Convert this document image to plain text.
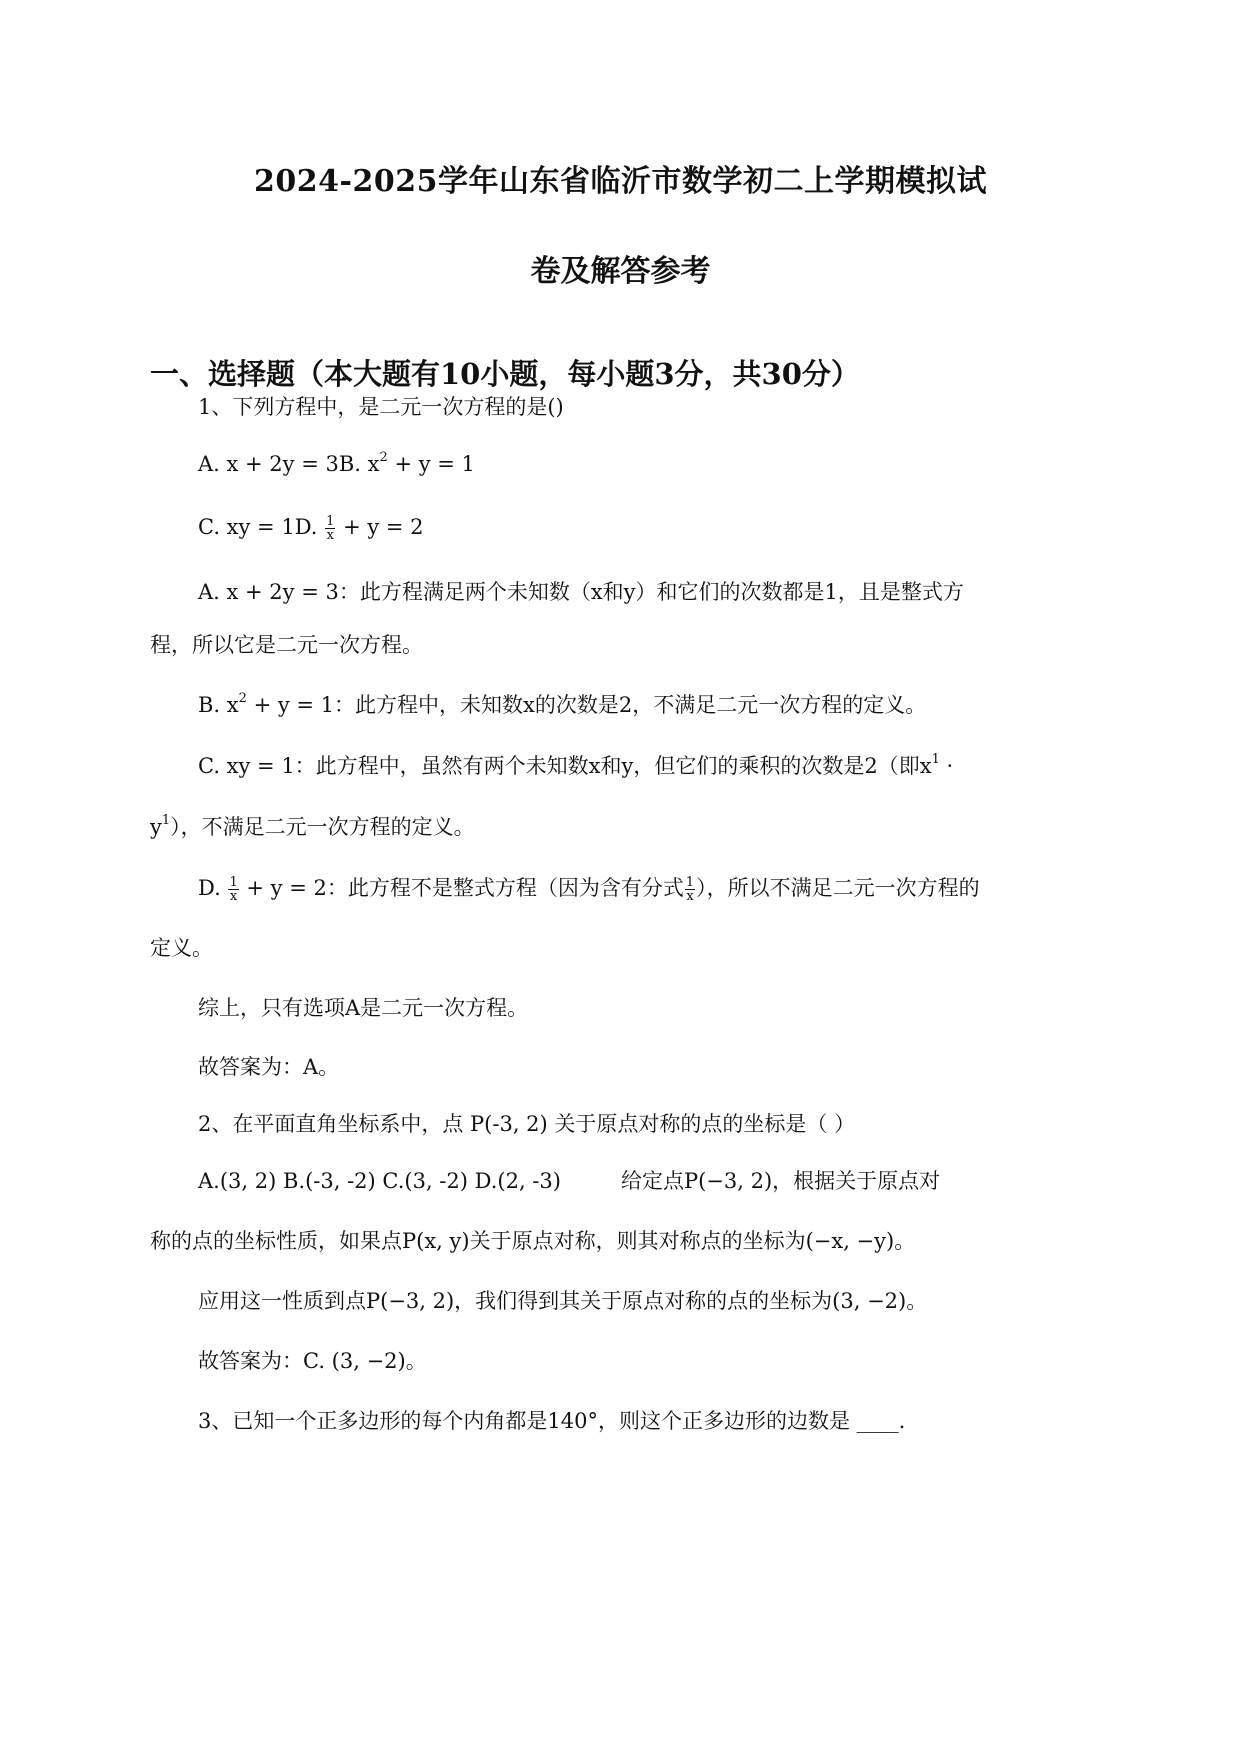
2024-2025学年山东省临沂市数学初二上学期模拟试
卷及解答参考
一、选择题（本大题有10小题，每小题3分，共30分）
1、下列方程中，是二元一次方程的是()
A. x + 2y = 3B. $x^2 + y = 1$
C. xy = 1D. $\frac{1}{x} + y = 2$
A. x + 2y = 3：此方程满足两个未知数（x和y）和它们的次数都是1，且是整式方
程，所以它是二元一次方程。
B. $x^2 + y = 1$：此方程中，未知数x的次数是2，不满足二元一次方程的定义。
C. xy = 1：此方程中，虽然有两个未知数x和y，但它们的乘积的次数是2（即$x^1$ ·
$y^1$），不满足二元一次方程的定义。
D. $\frac{1}{x} + y = 2$：此方程不是整式方程（因为含有分式 $\frac{1}{x}$ ），所以不满足二元一次方程的
定义。
综上，只有选项A是二元一次方程。
故答案为：A。
2、在平面直角坐标系中，点 P(-3, 2) 关于原点对称的点的坐标是（ ）
A.(3, 2) B.(-3, -2) C.(3, -2) D.(2, -3)	给定点P(−3, 2)，根据关于原点对
称的点的坐标性质，如果点P(x, y)关于原点对称，则其对称点的坐标为(−x, −y)。
应用这一性质到点P(−3, 2)，我们得到其关于原点对称的点的坐标为(3, −2)。
故答案为：C. (3, −2)。
3、已知一个正多边形的每个内角都是140°，则这个正多边形的边数是 ____.
